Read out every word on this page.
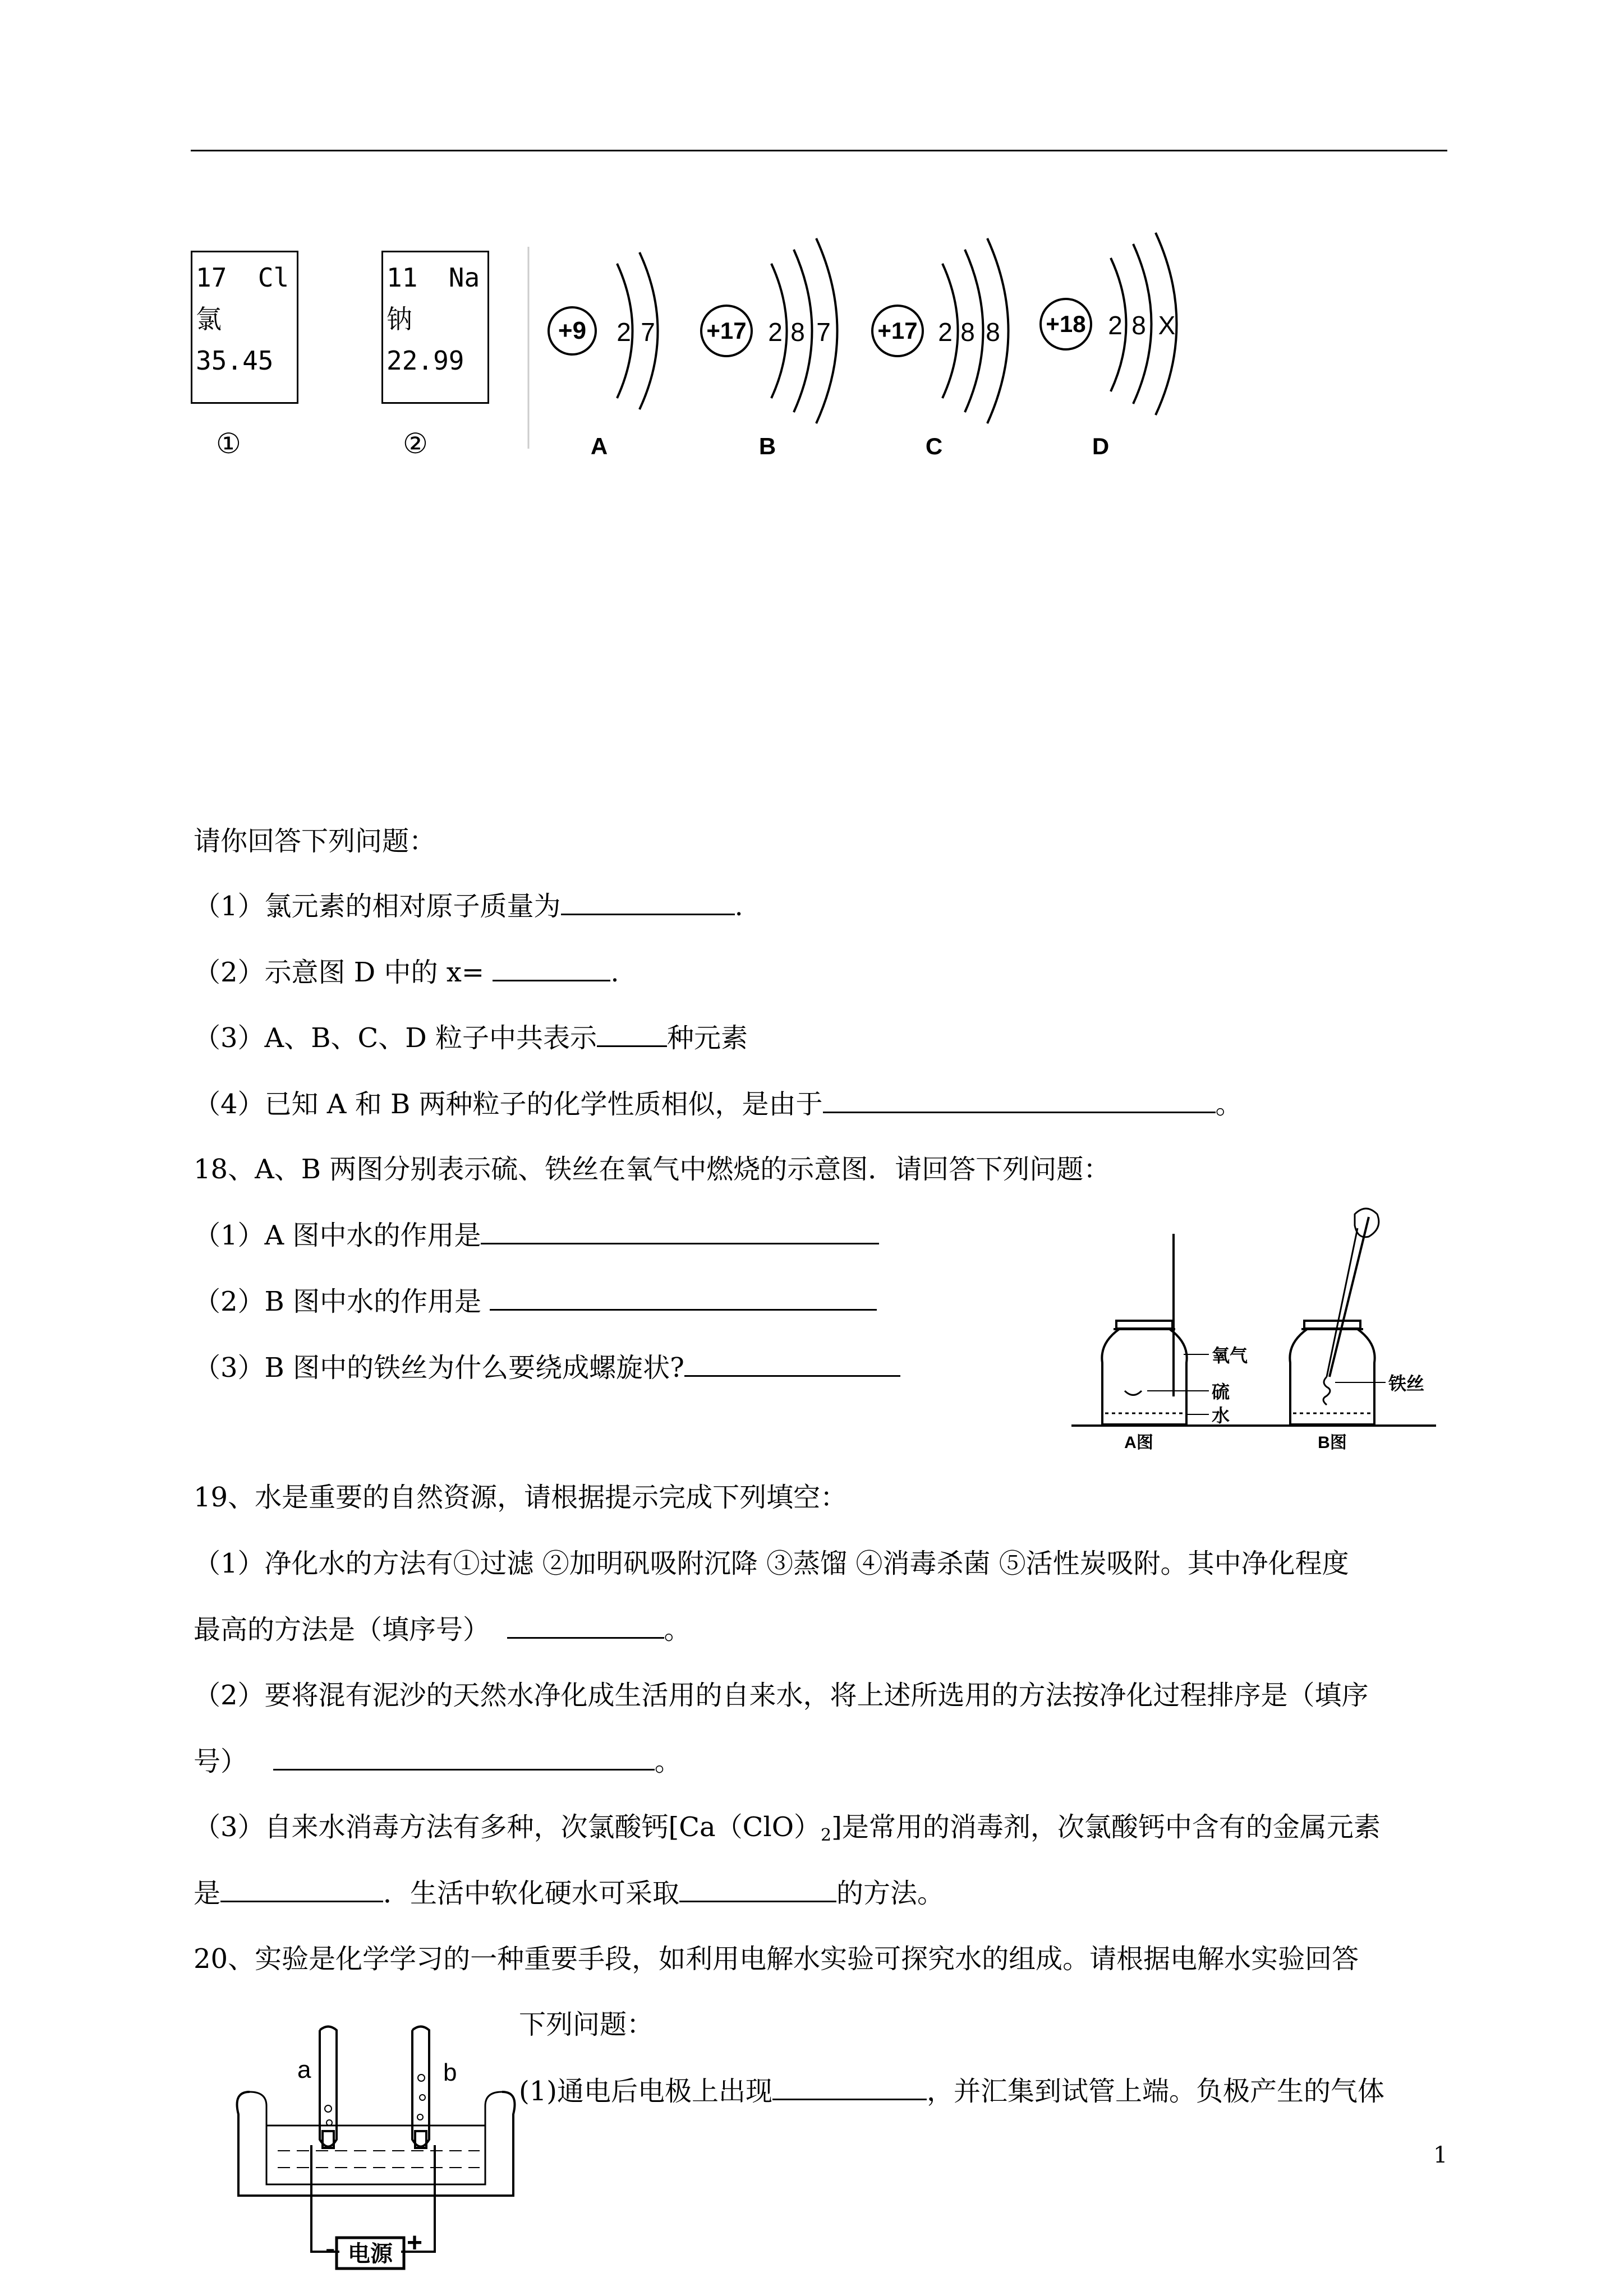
17 Cl
氯
35.45
11 Na
钠
22.99
①	②
+9 2 7
A
+17 2 8 7
B
+17 2 8 8
C
+18 2 8 X
D
请你回答下列问题：
（1）氯元素的相对原子质量为	.
（2）示意图 D 中的 x=	.
（3）A、B、C、D 粒子中共表示	种元素
（4）已知 A 和 B 两种粒子的化学性质相似，是由于	。
18、A、B 两图分别表示硫、铁丝在氧气中燃烧的示意图．请回答下列问题：
（1）A 图中水的作用是
（2）B 图中水的作用是
（3）B 图中的铁丝为什么要绕成螺旋状?	氧气
硫
水
A图
铁丝
B图
19、水是重要的自然资源，请根据提示完成下列填空：
（1）净化水的方法有①过滤 ②加明矾吸附沉降 ③蒸馏 ④消毒杀菌 ⑤活性炭吸附。其中净化程度
最高的方法是（填序号）	。
（2）要将混有泥沙的天然水净化成生活用的自来水，将上述所选用的方法按净化过程排序是（填序
号）	。
（3）自来水消毒方法有多种，次氯酸钙$[Ca(ClO)_2]$是常用的消毒剂，次氯酸钙中含有的金属元素
是	．生活中软化硬水可采取	的方法。
20、实验是化学学习的一种重要手段，如利用电解水实验可探究水的组成。请根据电解水实验回答
下列问题：
(1)通电后电极上出现	，并汇集到试管上端。负极产生的气体
a	b
电源
-	+
1
